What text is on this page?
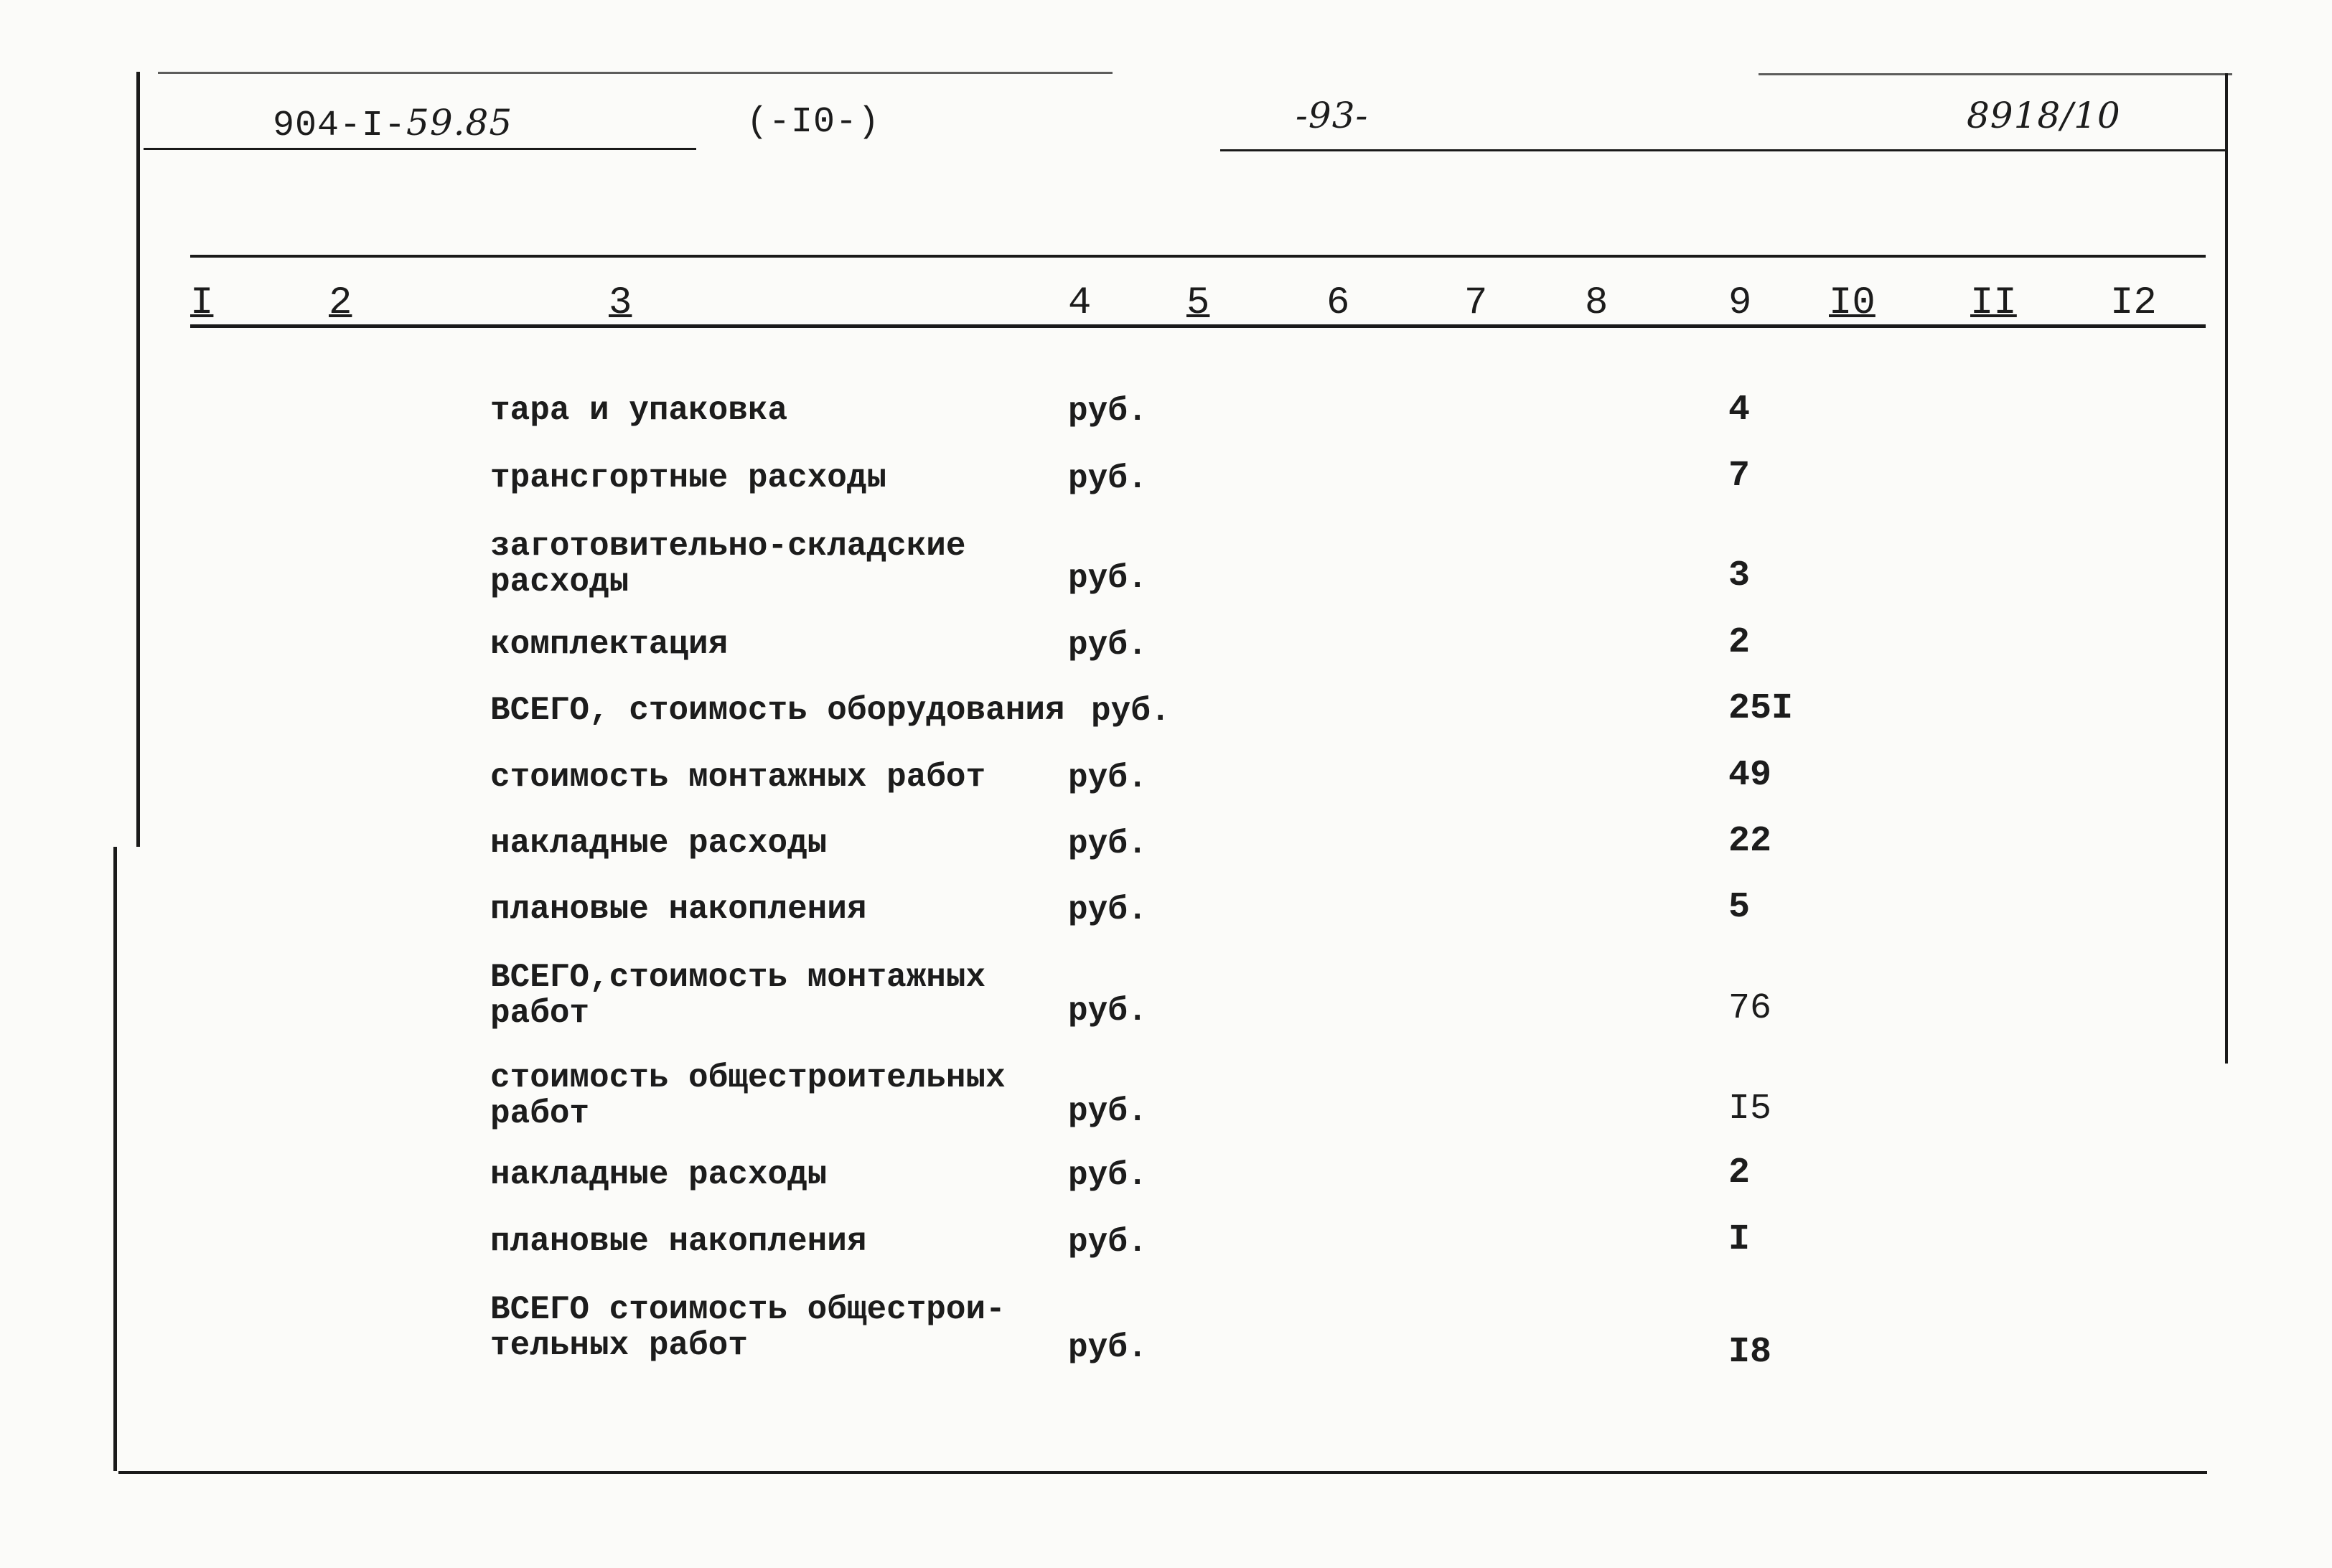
904-I-59.85	(-I0-)	-93-	8918/10
I	2	3	4 5	6	7	8	9 I0 II I2
тара и упаковка	руб.	4
трансгортные расходы	руб.	7
заготовительно-складские
расходы	руб.	3
комплектация	руб.	2
ВСЕГО, стоимость оборудования руб.	25I
стоимость монтажных работ руб.	49
накладные расходы	руб.	22
плановые накопления	руб.	5
ВСЕГО,стоимость монтажных
работ	руб.	76
стоимость общестроительных
работ	руб.	I5
накладные расходы	руб.	2
плановые накопления	руб.	I
ВСЕГО стоимость общестрои-
тельных работ	руб.	I8
